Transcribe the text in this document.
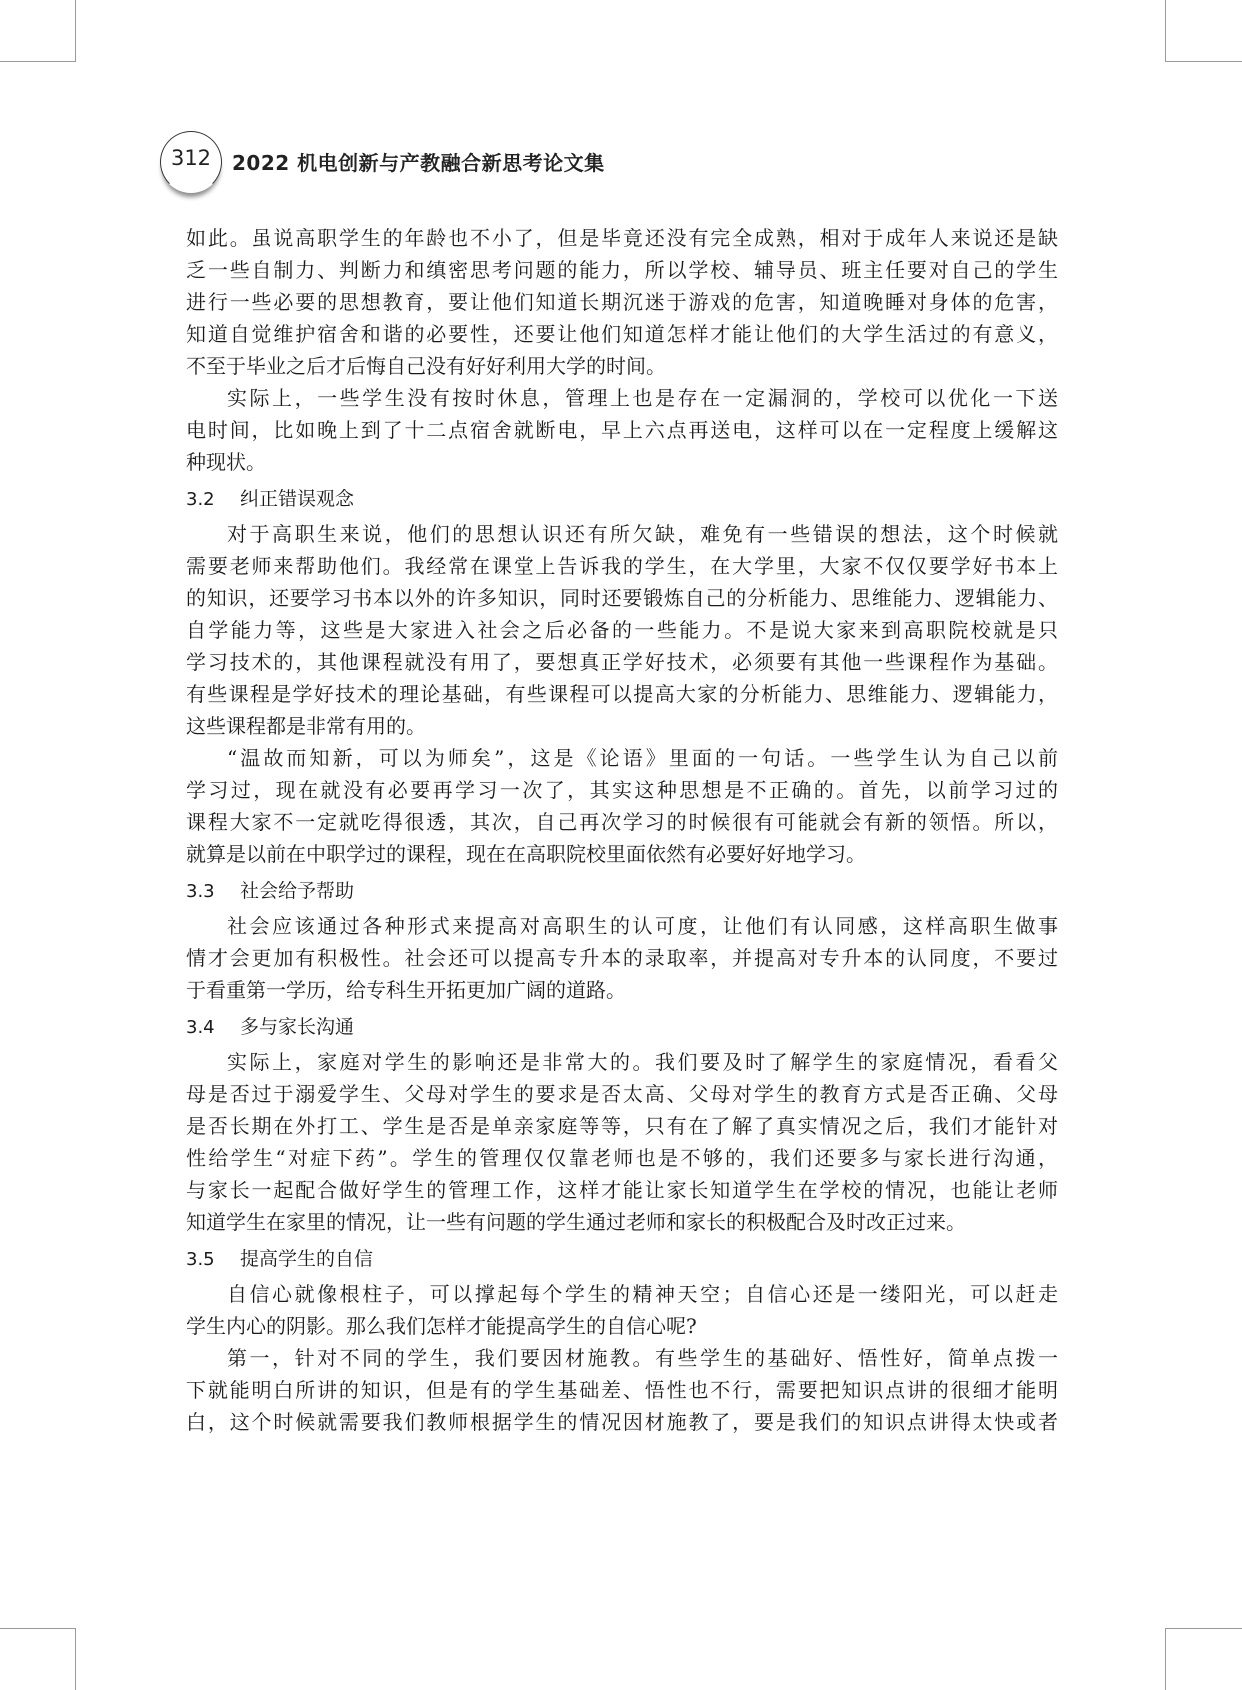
312	2022 机电创新与产教融合新思考论文集
如此。虽说高职学生的年龄也不小了，但是毕竟还没有完全成熟，相对于成年人来说还是缺
乏一些自制力、判断力和缜密思考问题的能力，所以学校、辅导员、班主任要对自己的学生
进行一些必要的思想教育，要让他们知道长期沉迷于游戏的危害，知道晚睡对身体的危害，
知道自觉维护宿舍和谐的必要性，还要让他们知道怎样才能让他们的大学生活过的有意义，
不至于毕业之后才后悔自己没有好好利用大学的时间。
实际上，一些学生没有按时休息，管理上也是存在一定漏洞的，学校可以优化一下送
电时间，比如晚上到了十二点宿舍就断电，早上六点再送电，这样可以在一定程度上缓解这
种现状。
3.2 纠正错误观念
对于高职生来说，他们的思想认识还有所欠缺，难免有一些错误的想法，这个时候就
需要老师来帮助他们。我经常在课堂上告诉我的学生，在大学里，大家不仅仅要学好书本上
的知识，还要学习书本以外的许多知识，同时还要锻炼自己的分析能力、思维能力、逻辑能力、
自学能力等，这些是大家进入社会之后必备的一些能力。不是说大家来到高职院校就是只
学习技术的，其他课程就没有用了，要想真正学好技术，必须要有其他一些课程作为基础。
有些课程是学好技术的理论基础，有些课程可以提高大家的分析能力、思维能力、逻辑能力，
这些课程都是非常有用的。
“温故而知新，可以为师矣”，这是《论语》里面的一句话。一些学生认为自己以前
学习过，现在就没有必要再学习一次了，其实这种思想是不正确的。首先，以前学习过的
课程大家不一定就吃得很透，其次，自己再次学习的时候很有可能就会有新的领悟。所以，
就算是以前在中职学过的课程，现在在高职院校里面依然有必要好好地学习。
3.3 社会给予帮助
社会应该通过各种形式来提高对高职生的认可度，让他们有认同感，这样高职生做事
情才会更加有积极性。社会还可以提高专升本的录取率，并提高对专升本的认同度，不要过
于看重第一学历，给专科生开拓更加广阔的道路。
3.4 多与家长沟通
实际上，家庭对学生的影响还是非常大的。我们要及时了解学生的家庭情况，看看父
母是否过于溺爱学生、父母对学生的要求是否太高、父母对学生的教育方式是否正确、父母
是否长期在外打工、学生是否是单亲家庭等等，只有在了解了真实情况之后，我们才能针对
性给学生“对症下药”。学生的管理仅仅靠老师也是不够的，我们还要多与家长进行沟通，
与家长一起配合做好学生的管理工作，这样才能让家长知道学生在学校的情况，也能让老师
知道学生在家里的情况，让一些有问题的学生通过老师和家长的积极配合及时改正过来。
3.5 提高学生的自信
自信心就像根柱子，可以撑起每个学生的精神天空；自信心还是一缕阳光，可以赶走
学生内心的阴影。那么我们怎样才能提高学生的自信心呢?
第一，针对不同的学生，我们要因材施教。有些学生的基础好、悟性好，简单点拨一
下就能明白所讲的知识，但是有的学生基础差、悟性也不行，需要把知识点讲的很细才能明
白，这个时候就需要我们教师根据学生的情况因材施教了，要是我们的知识点讲得太快或者
